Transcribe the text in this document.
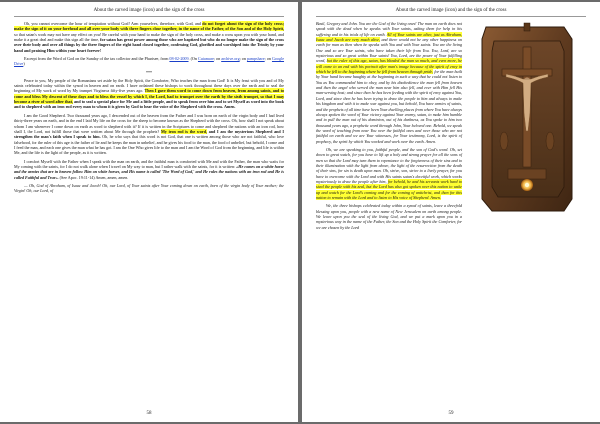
About the carved image (icon) and the sign of the cross

Oh, you cannot overcome the hour of temptation without God! Arm yourselves, therefore, with God, and do not forget about the sign of the holy cross; make the sign of it on your forehead and all over your body with three fingers close together, in the name of the Father, of the Son and of the Holy Spirit, so that satan's work may not have any effect on you! Be careful with your hand to make the sign of the holy cross, and make a cross upon you with your hand, and make it a great deal and make this sign all the time, for satan has great power among those who are baptized but who do no longer make the sign of the cross over their body and over all things by the three fingers of the right hand closed together, confessing God, glorified and worshiped into the Trinity by your hand and praising Him within your heart forever!

Excerpt from the Word of God on the Sunday of the tax collector and the Pharisee, from 08-02-2009. (On Cuiamare; on archive.org; on pampshare; on Google Drive)

***

Peace to you, My people of the Romanians set aside by the Holy Spirit, the Comforter, Who teaches the man from God! It is My feast with you and of My saints celebrated today within the synod in heaven and on earth. I have ordained these bishops to work throughout these days over the earth and to seal the beginning of My work of word by My trumpet Virgineca fifty-five years ago. Then I gave them word to come down from heaven, from among saints, and to come and bless My descent of these days and to bless the vessel by which I, the Lord, had to trumpet over the earth by the sixth trumpet, so that I may become a river of word after that, and to seal a special place for Me and a little people, and to speak from over him and to set Myself as word into the book and to shepherd with an iron rod every man to whom it is given by God to hear the voice of the Shepherd with the cross. Amen.

I am the Good Shepherd. Two thousand years ago, I descended out of the heaven from the Father and I was born on earth of the virgin body and I had lived thirty-three years on earth, and in the end I laid My life on the cross for the sheep to become known as the Shepherd with the cross. Oh, how shall I not speak about whom I am whenever I come down on earth as word to shepherd with it? If it is written in the Scriptures to come and shepherd the nations with an iron rod, how shall I, the Lord, not fulfill those that were written about Me through the prophets? My iron rod is the word, and I am the mysterious Shepherd and I strengthen the man's faith when I speak to him. Oh, he who says that this word is not God, that one is written among those who are not faithful, who love falsehood, for the ruler of this age is the father of lie and he keeps the man in unbelief, and he gives his food to the man, the food of unbelief, but behold, I come and I feed the man, and each one gives the man what he has got. I am the One Who gives life to the man and I am the Word of God from the beginning, and life is within Me, and the life is the light of the people, as it is written.

I comfort Myself with the Father when I speak with the man on earth, and the faithful man is comforted with Me and with the Father, the man who waits for My coming with the saints, for I do not walk alone when I travel on My way to man, but I rather walk with the saints, for it is written: «He comes on a white horse and the armies that are in heaven follow Him on white horses, and His name is called 'The Word of God,' and He rules the nations with an iron rod and He is called Faithful and True». (See Apoc. 19:11-14) Amen, amen, amen.

— Oh, God of Abraham, of Isaac and Jacob! Oh, our Lord, of Your saints after Your coming down on earth, born of the virgin body of Your mother; the Virgin! Oh, our Lord, of

58
About the carved image (icon) and the sign of the cross

Basil, Gregory and John. You are the God of the living ones! The man on earth does not speak with the dead when he speaks with Your saints, asking them for help in his suffering and in his trials of life on earth. All of Your saints are alive, just as Abraham, Isaac and Jacob are very much alive, and there would not be any other happiness on earth for man as then when he speaks with You and with Your saints. You are the living One and so are Your saints, who have taken their life from You. You, Lord, are so mysterious and so great within Your saints! You, Lord, are the power of Your fulfilling word, but the ruler of this age, satan, has blinded the man so much, and even more, he will come to an end with his portrait after man's image because of the spirit of envy in which he fell to the beginning where he fell from heaven through pride, for the man built by Your hand became haughty at the beginning in such a way that he could not listen to You as You commanded him to obey, and by his disobedience the man fell from heaven and then the angel who served the man near him also fell, and ever with Him fell His man-serving host; and since then he has been feeding with the spirit of envy against You, Lord, and since then he has been trying to draw the people to him and always to make his kingdom and with it to make war against you, but behold, You have armies of saints, and the prophets of all time have been Your dwelling places from where You have always always spoken the word of Your victory against Your enemy, satan, to make him humble and to pull the man out of his dominion, out of his darkness, as You spoke to him two thousand years ago, a prophetic word through John, Your beloved one. Behold, we speak the word of teaching from near You over the faithful ones and over those who are not faithful on earth and we are Your witnesses, for Your testimony, Lord, is the spirit of prophecy, the spirit by which You worked and work over the earth. Amen.

Oh, we are speaking to you, faithful people, and the son of God's word. Oh, set down to great watch, for you have to lift up a holy and strong prayer for all the sons of men so that the Lord may turn them to repentance to the forgiveness of their sins and to their illumination with the light from above, the light of the resurrection from the death of their sins, for sin is death upon man. Oh, strive, son, strive to a lively prayer, for you have to overcome with the Lord and with His saints satan's deceitful work, which works mysteriously to draw the people after him, for behold, he and his servants work hard to steal the people with his zeal, but the Lord has also got spoken over this nation to wake up and watch for the Lord's coming and for the coming of antichrist, and then for this nation to remain with the Lord and to listen to His voice of Shepherd. Amen.

We, the three bishops celebrated today within a synod of saints, leave a threefold blessing upon you, people with a new name of New Jerusalem on earth among people. We leave upon you the seal of the living God, and we put a mark upon you in a mysterious way in the name of the Father, the Son and the Holy Spirit the Comforter, for we are chosen by the Lord

59
